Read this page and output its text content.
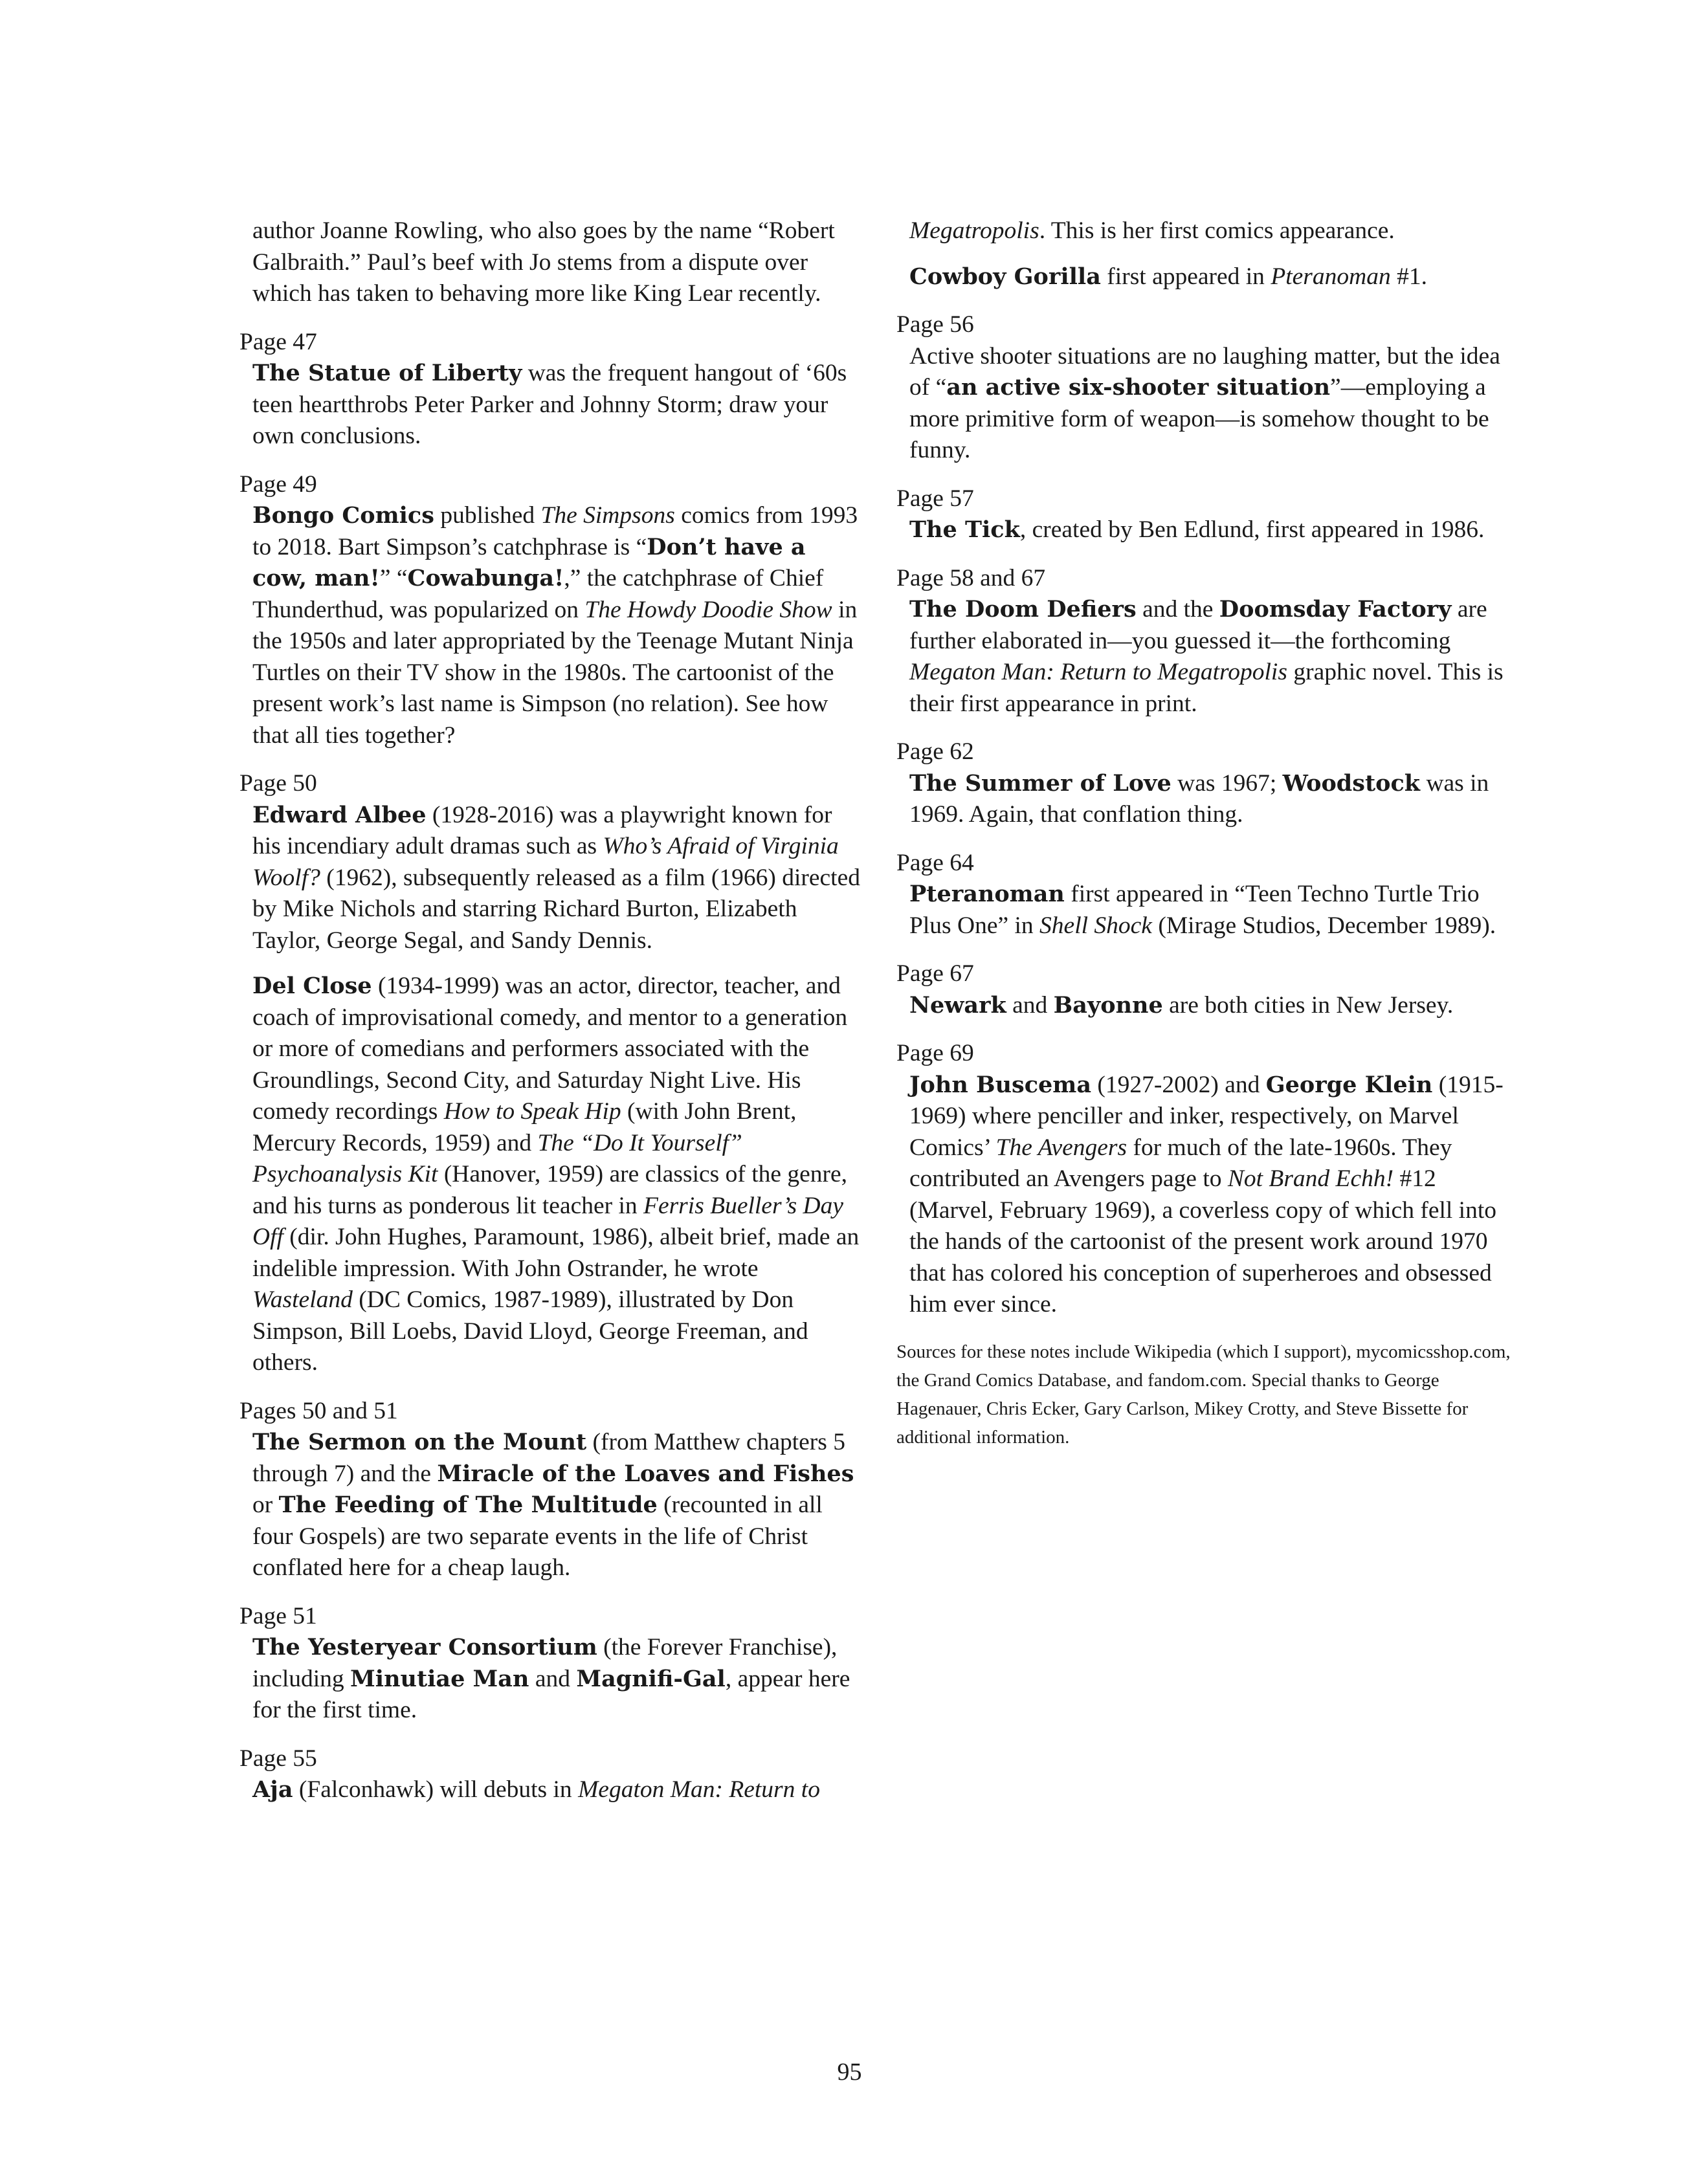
author Joanne Rowling, who also goes by the name “Robert Galbraith.” Paul’s beef with Jo stems from a dispute over which has taken to behaving more like King Lear recently.

Page 47

The Statue of Liberty was the frequent hangout of ‘60s teen heartthrobs Peter Parker and Johnny Storm; draw your own conclusions.

Page 49

Bongo Comics published The Simpsons comics from 1993 to 2018. Bart Simpson’s catchphrase is “Don’t have a cow, man!” “Cowabunga!,” the catchphrase of Chief Thunderthud, was popularized on The Howdy Doodie Show in the 1950s and later appropriated by the Teenage Mutant Ninja Turtles on their TV show in the 1980s. The cartoonist of the present work’s last name is Simpson (no relation). See how that all ties together?

Page 50

Edward Albee (1928-2016) was a playwright known for his incendiary adult dramas such as Who’s Afraid of Virginia Woolf? (1962), subsequently released as a film (1966) directed by Mike Nichols and starring Richard Burton, Elizabeth Taylor, George Segal, and Sandy Dennis.

Del Close (1934-1999) was an actor, director, teacher, and coach of improvisational comedy, and mentor to a generation or more of comedians and performers associated with the Groundlings, Second City, and Saturday Night Live. His comedy recordings How to Speak Hip (with John Brent, Mercury Records, 1959) and The “Do It Yourself” Psychoanalysis Kit (Hanover, 1959) are classics of the genre, and his turns as ponderous lit teacher in Ferris Bueller’s Day Off (dir. John Hughes, Paramount, 1986), albeit brief, made an indelible impression. With John Ostrander, he wrote Wasteland (DC Comics, 1987-1989), illustrated by Don Simpson, Bill Loebs, David Lloyd, George Freeman, and others.

Pages 50 and 51

The Sermon on the Mount (from Matthew chapters 5 through 7) and the Miracle of the Loaves and Fishes or The Feeding of The Multitude (recounted in all four Gospels) are two separate events in the life of Christ conflated here for a cheap laugh.

Page 51

The Yesteryear Consortium (the Forever Franchise), including Minutiae Man and Magnifi-Gal, appear here for the first time.

Page 55

Aja (Falconhawk) will debuts in Megaton Man: Return to

Megatropolis. This is her first comics appearance.

Cowboy Gorilla first appeared in Pteranoman #1.

Page 56

Active shooter situations are no laughing matter, but the idea of “an active six-shooter situation”—employing a more primitive form of weapon—is somehow thought to be funny.

Page 57

The Tick, created by Ben Edlund, first appeared in 1986.

Page 58 and 67

The Doom Defiers and the Doomsday Factory are further elaborated in—you guessed it—the forthcoming Megaton Man: Return to Megatropolis graphic novel. This is their first appearance in print.

Page 62

The Summer of Love was 1967; Woodstock was in 1969. Again, that conflation thing.

Page 64

Pteranoman first appeared in “Teen Techno Turtle Trio Plus One” in Shell Shock (Mirage Studios, December 1989).

Page 67

Newark and Bayonne are both cities in New Jersey.

Page 69

John Buscema (1927-2002) and George Klein (1915-1969) where penciller and inker, respectively, on Marvel Comics’ The Avengers for much of the late-1960s. They contributed an Avengers page to Not Brand Echh! #12 (Marvel, February 1969), a coverless copy of which fell into the hands of the cartoonist of the present work around 1970 that has colored his conception of superheroes and obsessed him ever since.

Sources for these notes include Wikipedia (which I support), mycomicsshop.com, the Grand Comics Database, and fandom.com. Special thanks to George Hagenauer, Chris Ecker, Gary Carlson, Mikey Crotty, and Steve Bissette for additional information.

95
